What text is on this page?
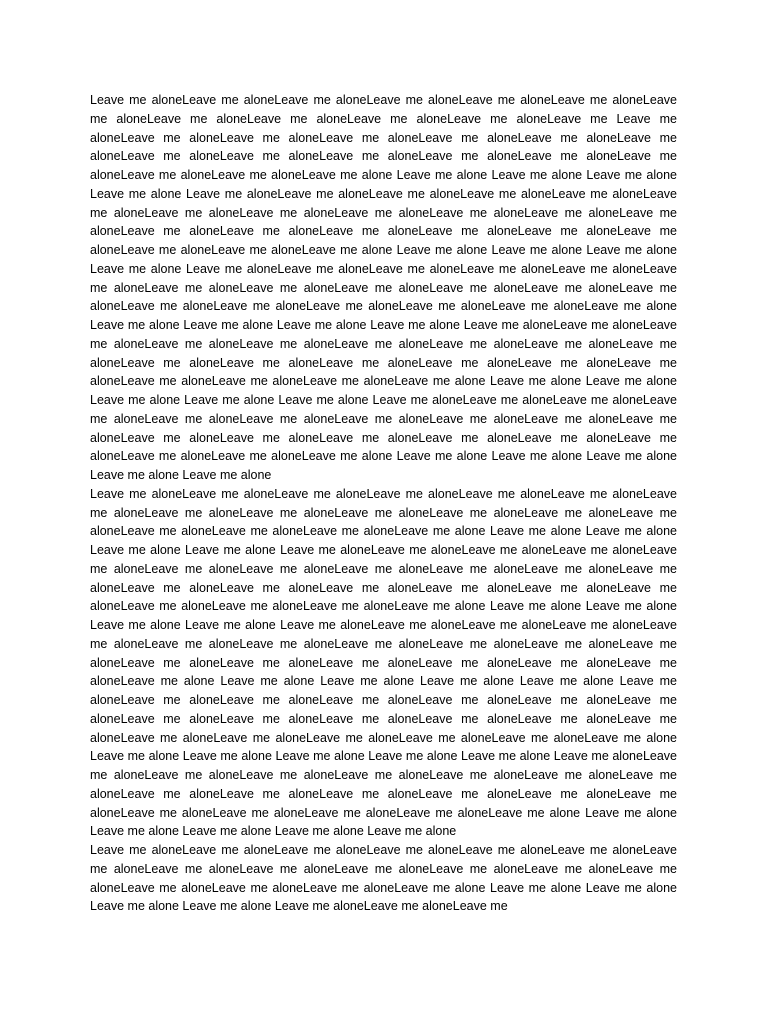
Leave me aloneLeave me aloneLeave me aloneLeave me aloneLeave me aloneLeave me aloneLeave me aloneLeave me aloneLeave me aloneLeave me aloneLeave me aloneLeave me Leave me aloneLeave me aloneLeave me aloneLeave me aloneLeave me aloneLeave me aloneLeave me aloneLeave me aloneLeave me aloneLeave me aloneLeave me aloneLeave me aloneLeave me aloneLeave me aloneLeave me aloneLeave me alone Leave me alone Leave me alone Leave me alone Leave me alone Leave me aloneLeave me aloneLeave me aloneLeave me aloneLeave me aloneLeave me aloneLeave me aloneLeave me aloneLeave me aloneLeave me aloneLeave me aloneLeave me aloneLeave me aloneLeave me aloneLeave me aloneLeave me aloneLeave me aloneLeave me aloneLeave me aloneLeave me aloneLeave me alone Leave me alone Leave me alone Leave me alone Leave me alone Leave me aloneLeave me aloneLeave me aloneLeave me aloneLeave me aloneLeave me aloneLeave me aloneLeave me aloneLeave me aloneLeave me aloneLeave me aloneLeave me aloneLeave me aloneLeave me aloneLeave me aloneLeave me aloneLeave me aloneLeave me alone Leave me alone Leave me alone Leave me alone Leave me alone Leave me aloneLeave me aloneLeave me aloneLeave me aloneLeave me aloneLeave me aloneLeave me aloneLeave me aloneLeave me aloneLeave me aloneLeave me aloneLeave me aloneLeave me aloneLeave me aloneLeave me aloneLeave me aloneLeave me aloneLeave me aloneLeave me alone Leave me alone Leave me alone Leave me alone Leave me alone Leave me alone Leave me aloneLeave me aloneLeave me aloneLeave me aloneLeave me aloneLeave me aloneLeave me aloneLeave me aloneLeave me aloneLeave me aloneLeave me aloneLeave me aloneLeave me aloneLeave me aloneLeave me aloneLeave me aloneLeave me aloneLeave me aloneLeave me alone Leave me alone Leave me alone Leave me alone Leave me alone Leave me alone

Leave me aloneLeave me aloneLeave me aloneLeave me aloneLeave me aloneLeave me aloneLeave me aloneLeave me aloneLeave me aloneLeave me aloneLeave me aloneLeave me aloneLeave me aloneLeave me aloneLeave me aloneLeave me aloneLeave me alone Leave me alone Leave me alone Leave me alone Leave me alone Leave me aloneLeave me aloneLeave me aloneLeave me aloneLeave me aloneLeave me aloneLeave me aloneLeave me aloneLeave me aloneLeave me aloneLeave me aloneLeave me aloneLeave me aloneLeave me aloneLeave me aloneLeave me aloneLeave me aloneLeave me aloneLeave me aloneLeave me aloneLeave me alone Leave me alone Leave me alone Leave me alone Leave me alone Leave me aloneLeave me aloneLeave me aloneLeave me aloneLeave me aloneLeave me aloneLeave me aloneLeave me aloneLeave me aloneLeave me aloneLeave me aloneLeave me aloneLeave me aloneLeave me aloneLeave me aloneLeave me aloneLeave me aloneLeave me alone Leave me alone Leave me alone Leave me alone Leave me alone Leave me aloneLeave me aloneLeave me aloneLeave me aloneLeave me aloneLeave me aloneLeave me aloneLeave me aloneLeave me aloneLeave me aloneLeave me aloneLeave me aloneLeave me aloneLeave me aloneLeave me aloneLeave me aloneLeave me aloneLeave me aloneLeave me alone Leave me alone Leave me alone Leave me alone Leave me alone Leave me alone Leave me aloneLeave me aloneLeave me aloneLeave me aloneLeave me aloneLeave me aloneLeave me aloneLeave me aloneLeave me aloneLeave me aloneLeave me aloneLeave me aloneLeave me aloneLeave me aloneLeave me aloneLeave me aloneLeave me aloneLeave me aloneLeave me alone Leave me alone Leave me alone Leave me alone Leave me alone Leave me alone

Leave me aloneLeave me aloneLeave me aloneLeave me aloneLeave me aloneLeave me aloneLeave me aloneLeave me aloneLeave me aloneLeave me aloneLeave me aloneLeave me aloneLeave me aloneLeave me aloneLeave me aloneLeave me aloneLeave me alone Leave me alone Leave me alone Leave me alone Leave me alone Leave me aloneLeave me aloneLeave me
